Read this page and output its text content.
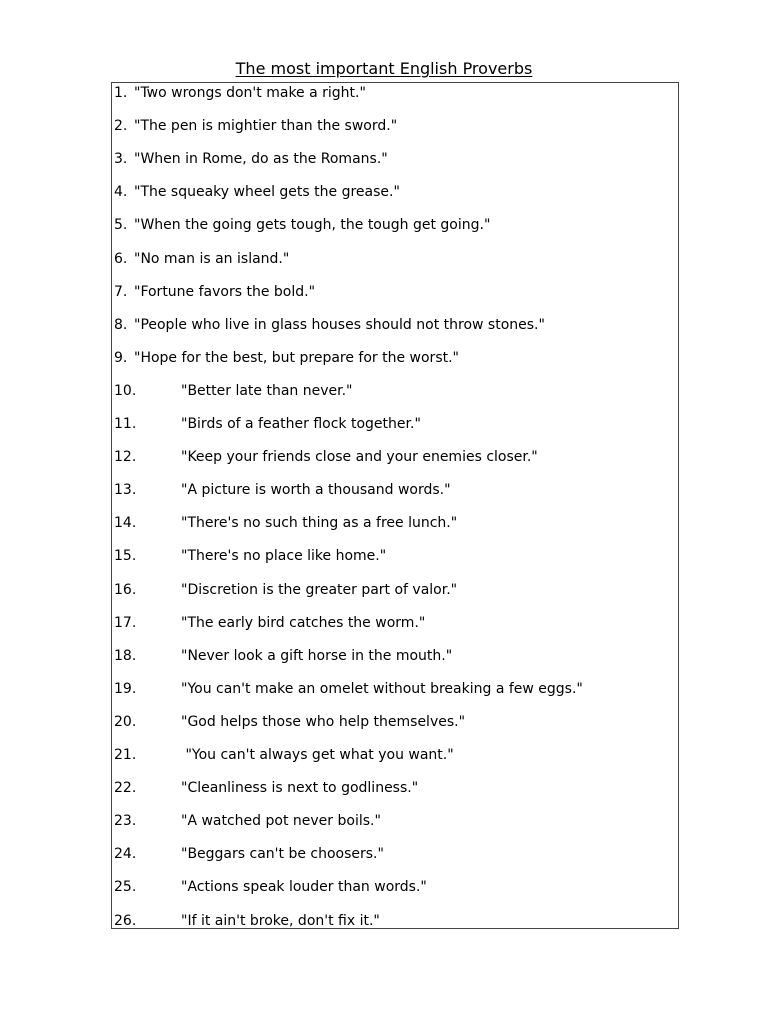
The most important English Proverbs
1. "Two wrongs don't make a right."
2. "The pen is mightier than the sword."
3. "When in Rome, do as the Romans."
4. "The squeaky wheel gets the grease."
5. "When the going gets tough, the tough get going."
6. "No man is an island."
7. "Fortune favors the bold."
8. "People who live in glass houses should not throw stones."
9. "Hope for the best, but prepare for the worst."
10.	"Better late than never."
11.	"Birds of a feather flock together."
12.	"Keep your friends close and your enemies closer."
13.	"A picture is worth a thousand words."
14.	"There's no such thing as a free lunch."
15.	"There's no place like home."
16.	"Discretion is the greater part of valor."
17.	"The early bird catches the worm."
18.	"Never look a gift horse in the mouth."
19.	"You can't make an omelet without breaking a few eggs."
20.	"God helps those who help themselves."
21.	"You can't always get what you want."
22.	"Cleanliness is next to godliness."
23.	"A watched pot never boils."
24.	"Beggars can't be choosers."
25.	"Actions speak louder than words."
26.	"If it ain't broke, don't fix it."
